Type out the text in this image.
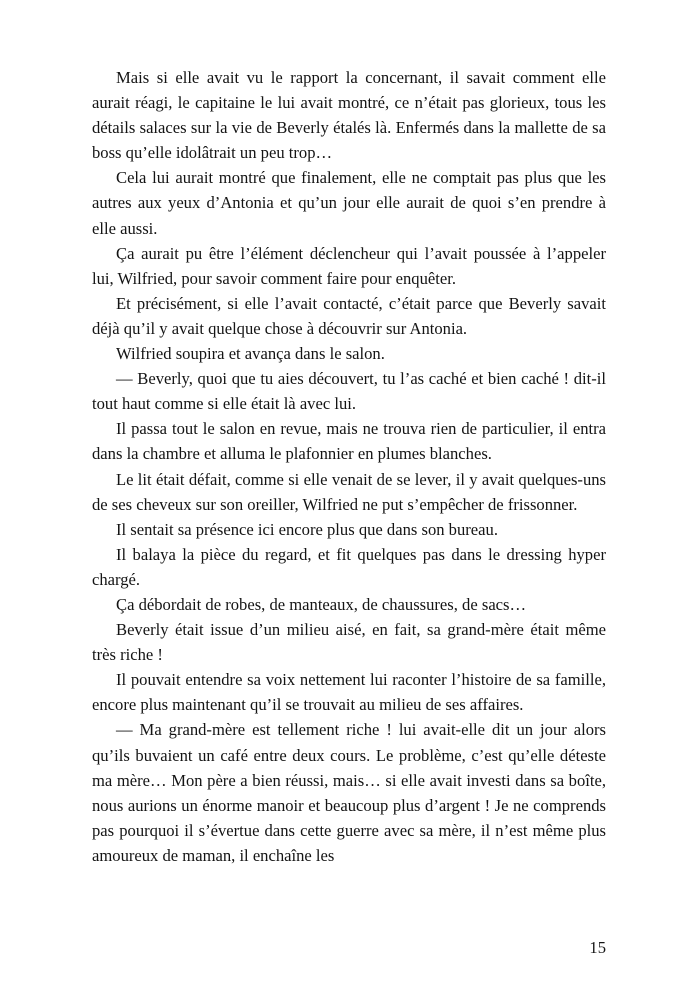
Mais si elle avait vu le rapport la concernant, il savait comment elle aurait réagi, le capitaine le lui avait montré, ce n’était pas glorieux, tous les détails salaces sur la vie de Beverly étalés là. Enfermés dans la mallette de sa boss qu’elle idolâtrait un peu trop…

Cela lui aurait montré que finalement, elle ne comptait pas plus que les autres aux yeux d’Antonia et qu’un jour elle aurait de quoi s’en prendre à elle aussi.

Ça aurait pu être l’élément déclencheur qui l’avait poussée à l’appeler lui, Wilfried, pour savoir comment faire pour enquêter.

Et précisément, si elle l’avait contacté, c’était parce que Beverly savait déjà qu’il y avait quelque chose à découvrir sur Antonia.

Wilfried soupira et avança dans le salon.

— Beverly, quoi que tu aies découvert, tu l’as caché et bien caché ! dit-il tout haut comme si elle était là avec lui.

Il passa tout le salon en revue, mais ne trouva rien de particulier, il entra dans la chambre et alluma le plafonnier en plumes blanches.

Le lit était défait, comme si elle venait de se lever, il y avait quelques-uns de ses cheveux sur son oreiller, Wilfried ne put s’empêcher de frissonner.

Il sentait sa présence ici encore plus que dans son bureau.

Il balaya la pièce du regard, et fit quelques pas dans le dressing hyper chargé.

Ça débordait de robes, de manteaux, de chaussures, de sacs…

Beverly était issue d’un milieu aisé, en fait, sa grand-mère était même très riche !

Il pouvait entendre sa voix nettement lui raconter l’histoire de sa famille, encore plus maintenant qu’il se trouvait au milieu de ses affaires.

— Ma grand-mère est tellement riche ! lui avait-elle dit un jour alors qu’ils buvaient un café entre deux cours. Le problème, c’est qu’elle déteste ma mère… Mon père a bien réussi, mais… si elle avait investi dans sa boîte, nous aurions un énorme manoir et beaucoup plus d’argent ! Je ne comprends pas pourquoi il s’évertue dans cette guerre avec sa mère, il n’est même plus amoureux de maman, il enchaîne les

15
